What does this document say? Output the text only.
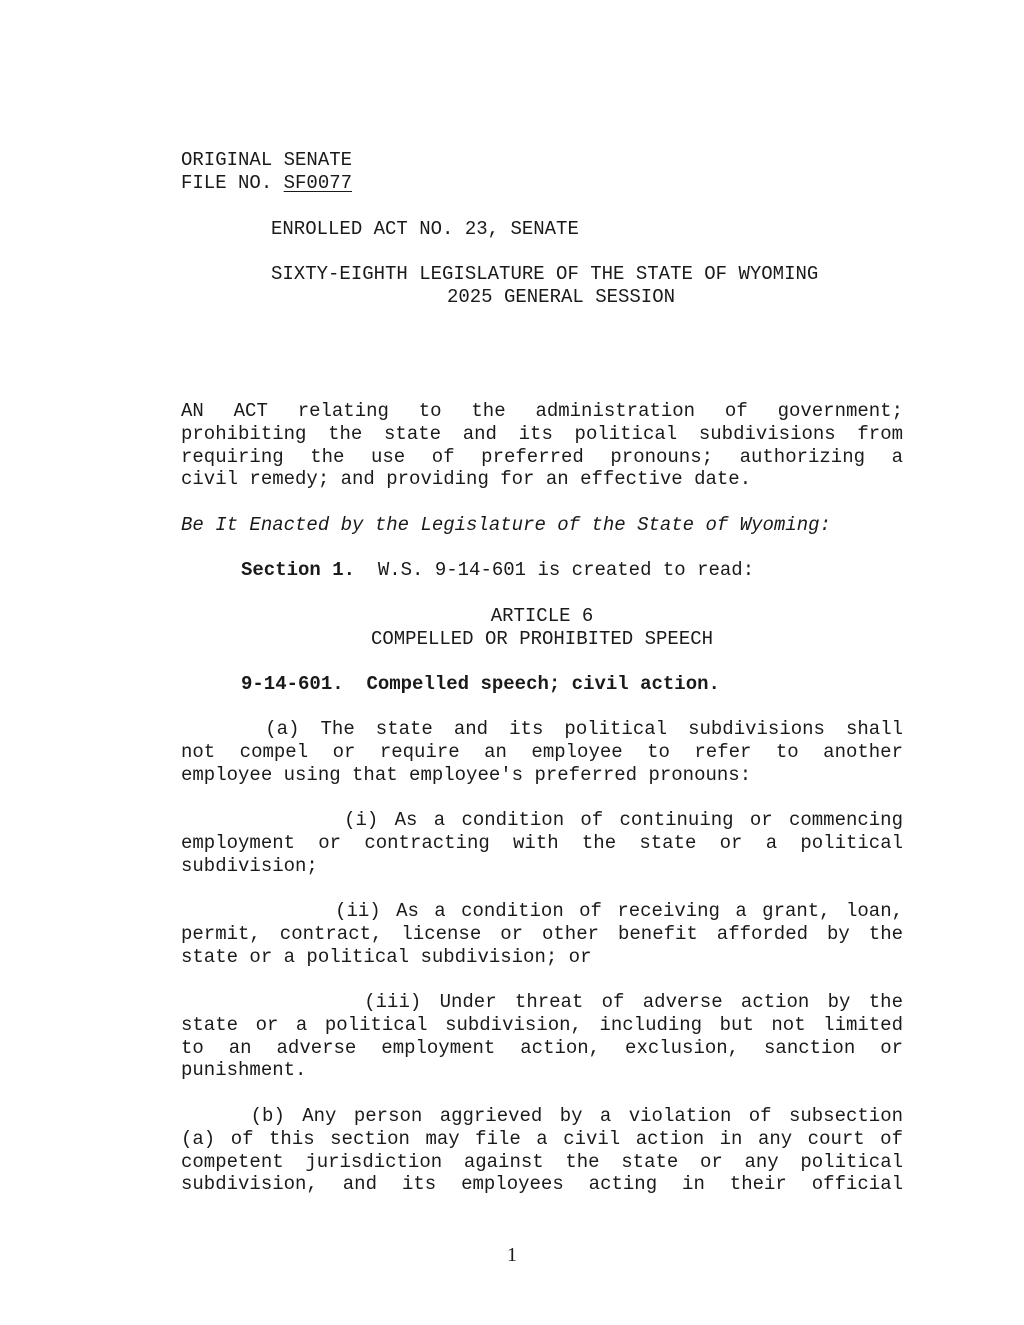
ORIGINAL SENATE
FILE NO. SF0077
ENROLLED ACT NO. 23, SENATE
SIXTY-EIGHTH LEGISLATURE OF THE STATE OF WYOMING
2025 GENERAL SESSION
AN ACT relating to the administration of government;
prohibiting the state and its political subdivisions from
requiring the use of preferred pronouns; authorizing a
civil remedy; and providing for an effective date.
Be It Enacted by the Legislature of the State of Wyoming:
Section 1. W.S. 9-14-601 is created to read:
ARTICLE 6
COMPELLED OR PROHIBITED SPEECH
9-14-601. Compelled speech; civil action.
(a) The state and its political subdivisions shall
not compel or require an employee to refer to another
employee using that employee's preferred pronouns:
(i) As a condition of continuing or commencing
employment or contracting with the state or a political
subdivision;
(ii) As a condition of receiving a grant, loan,
permit, contract, license or other benefit afforded by the
state or a political subdivision; or
(iii) Under threat of adverse action by the
state or a political subdivision, including but not limited
to an adverse employment action, exclusion, sanction or
punishment.
(b) Any person aggrieved by a violation of subsection
(a) of this section may file a civil action in any court of
competent jurisdiction against the state or any political
subdivision, and its employees acting in their official
1
